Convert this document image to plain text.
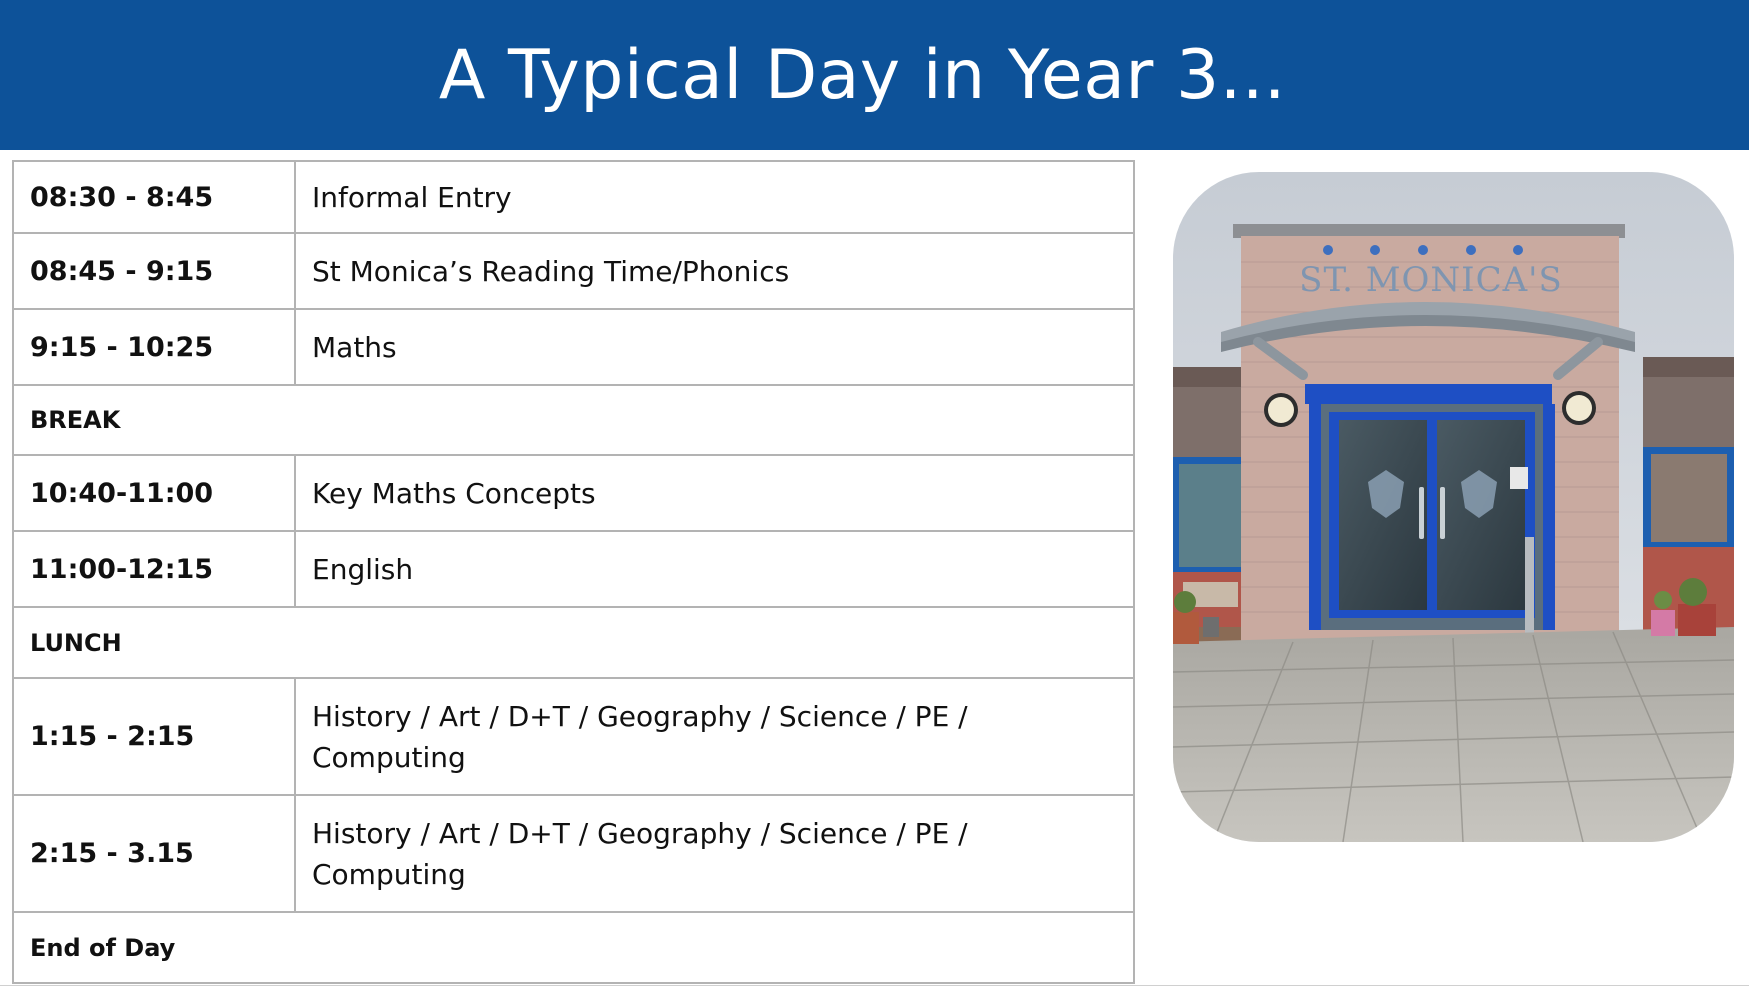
A Typical Day in Year 3...
08:30 - 8:45	Informal Entry
08:45 - 9:15	St Monica’s Reading Time/Phonics
9:15 - 10:25	Maths
BREAK	
10:40-11:00	Key Maths Concepts
11:00-12:15	English
LUNCH	
1:15 - 2:15	History / Art / D+T / Geography / Science / PE / Computing
2:15 - 3.15	History / Art / D+T / Geography / Science / PE / Computing
End of Day	
ST. MONICA'S
